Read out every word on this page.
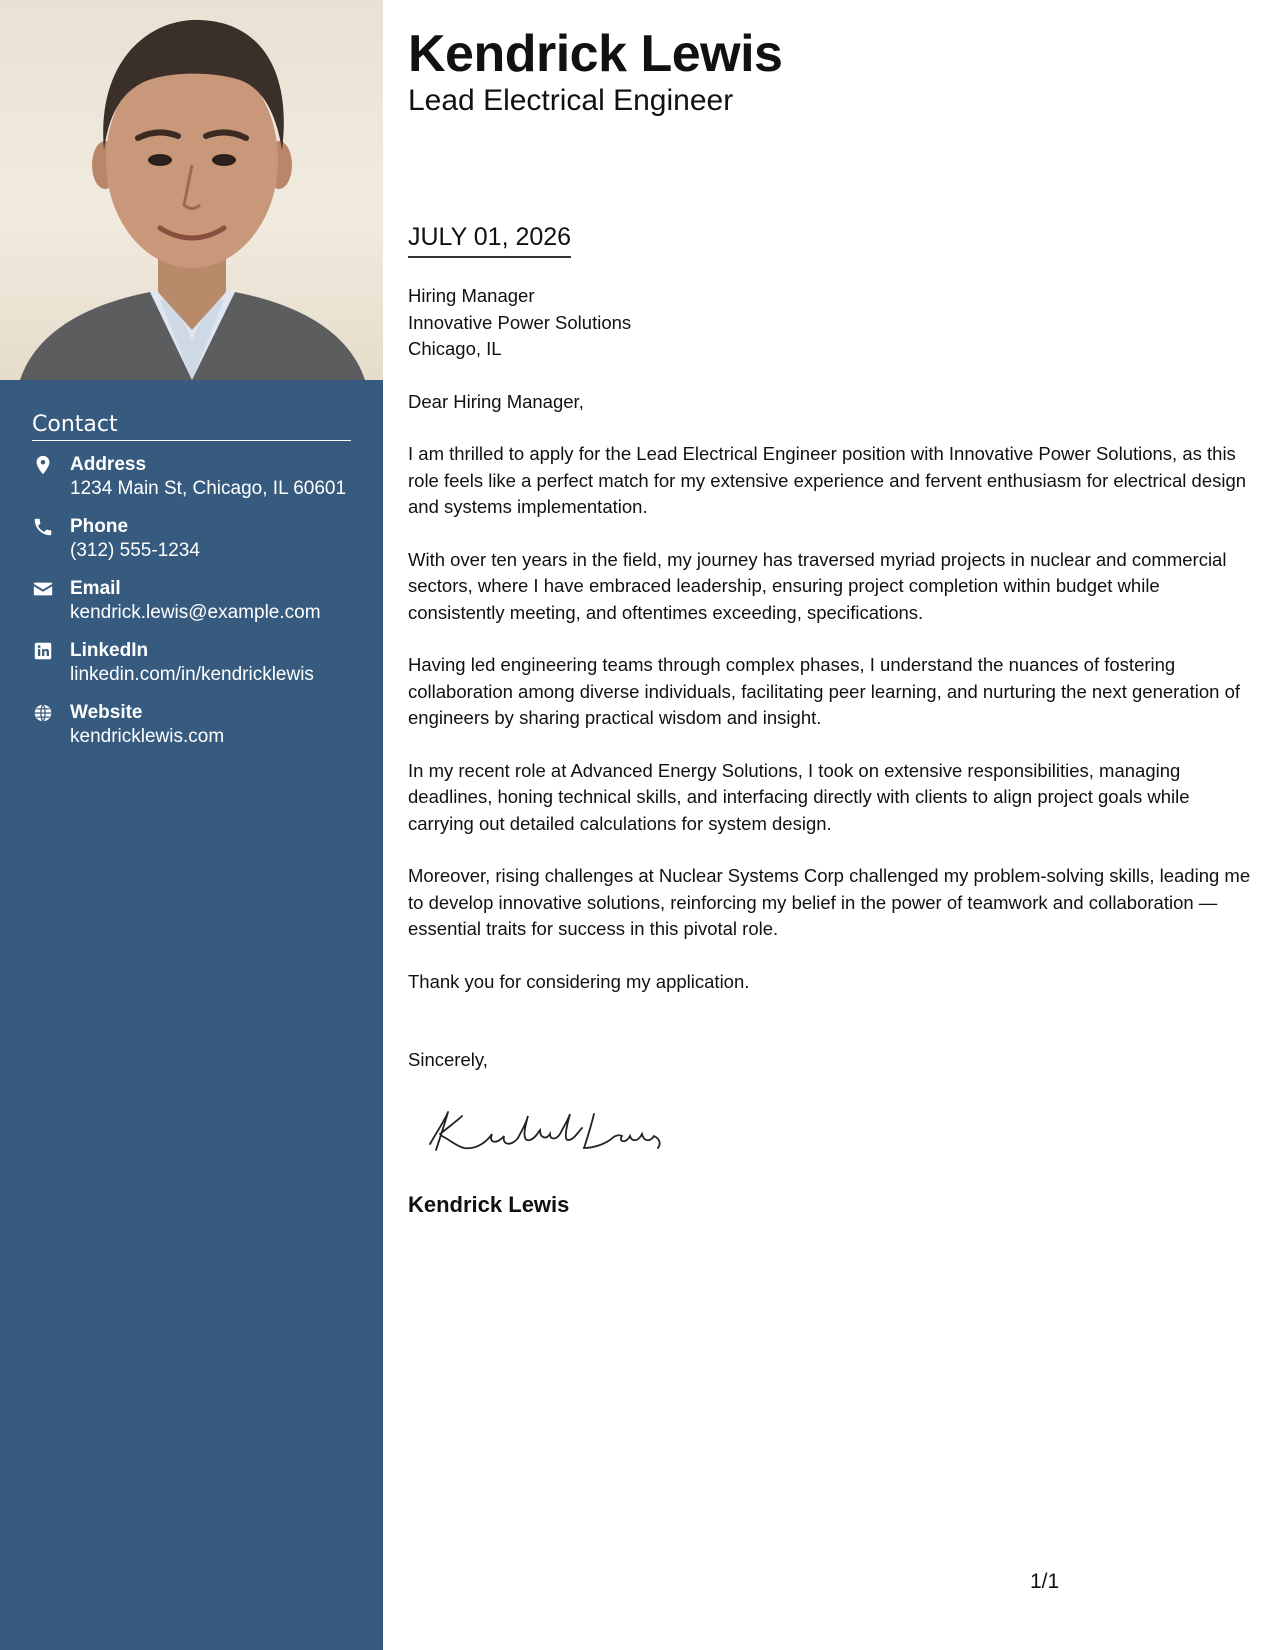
Contact
Address
1234 Main St, Chicago, IL 60601
Phone
(312) 555-1234
Email
kendrick.lewis@example.com
LinkedIn
linkedin.com/in/kendricklewis
Website
kendricklewis.com
Kendrick Lewis
Lead Electrical Engineer
JULY 01, 2026

Hiring Manager
Innovative Power Solutions
Chicago, IL

Dear Hiring Manager,

I am thrilled to apply for the Lead Electrical Engineer position with Innovative Power Solutions, as this role feels like a perfect match for my extensive experience and fervent enthusiasm for electrical design and systems implementation.

With over ten years in the field, my journey has traversed myriad projects in nuclear and commercial sectors, where I have embraced leadership, ensuring project completion within budget while consistently meeting, and oftentimes exceeding, specifications.

Having led engineering teams through complex phases, I understand the nuances of fostering collaboration among diverse individuals, facilitating peer learning, and nurturing the next generation of engineers by sharing practical wisdom and insight.

In my recent role at Advanced Energy Solutions, I took on extensive responsibilities, managing deadlines, honing technical skills, and interfacing directly with clients to align project goals while carrying out detailed calculations for system design.

Moreover, rising challenges at Nuclear Systems Corp challenged my problem-solving skills, leading me to develop innovative solutions, reinforcing my belief in the power of teamwork and collaboration —essential traits for success in this pivotal role.

Thank you for considering my application.

Sincerely,
Kendrick Lewis
1/1
